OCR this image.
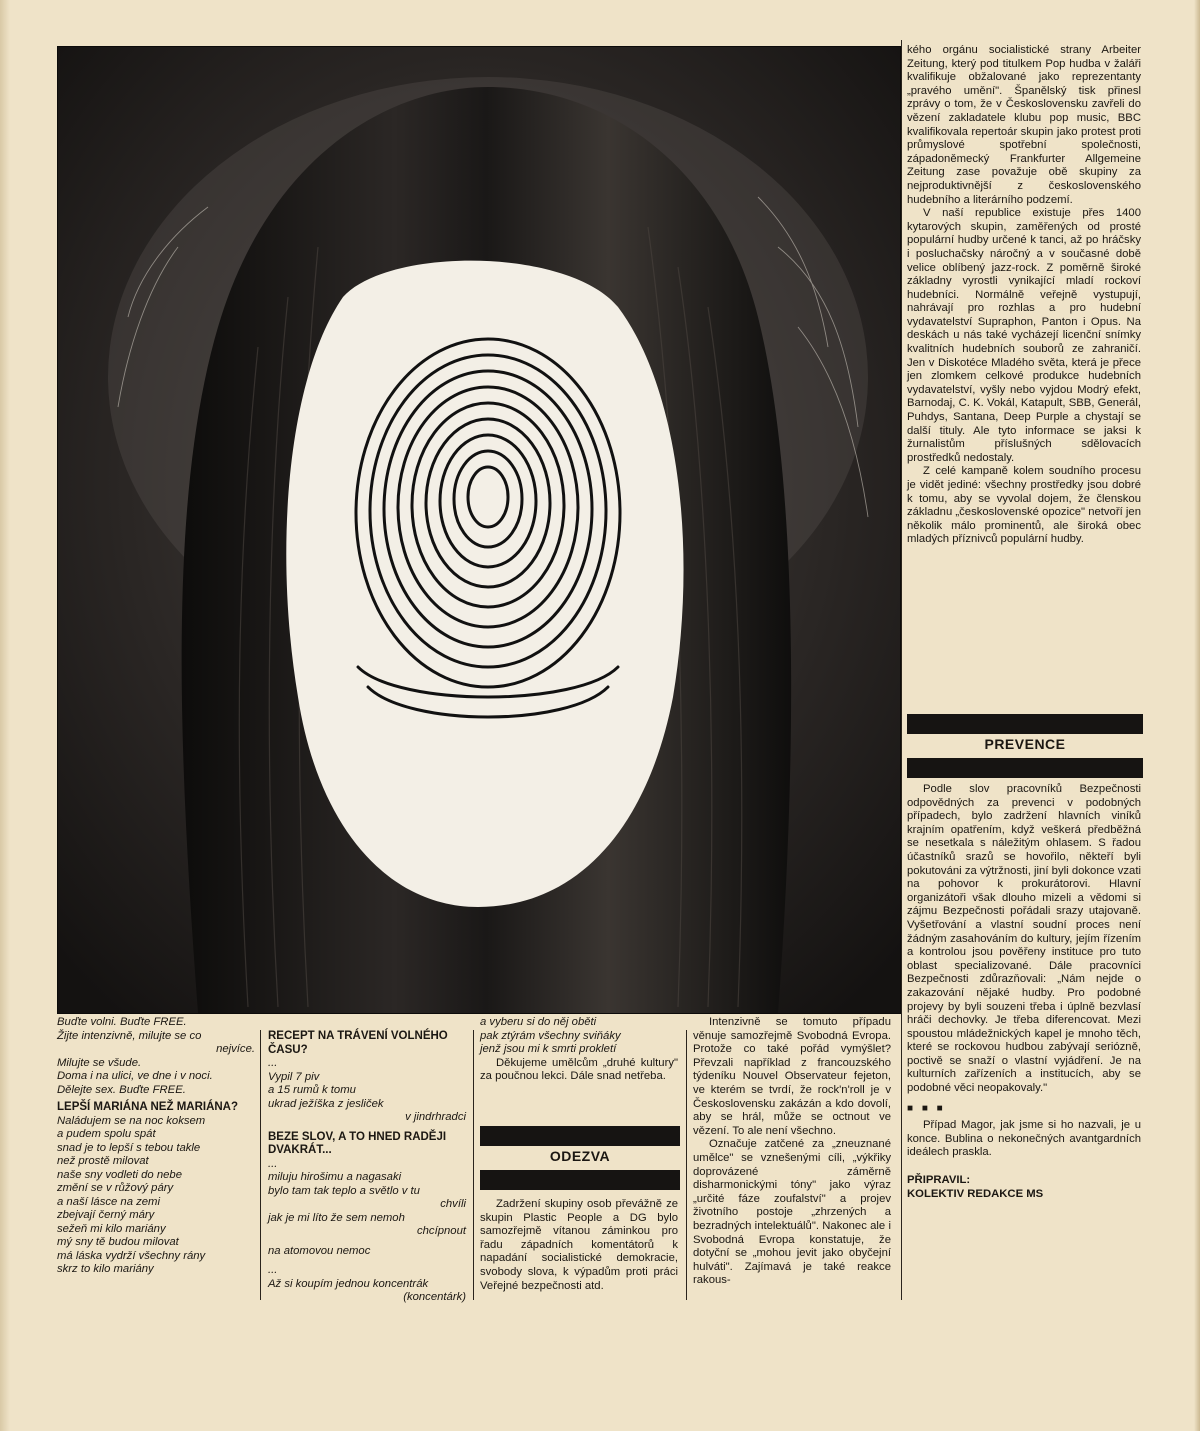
kého orgánu socialistické strany Arbeiter Zeitung, který pod titulkem Pop hudba v žaláři kvalifikuje obžalované jako reprezentanty „pravého umění". Španělský tisk přinesl zprávy o tom, že v Československu zavřeli do vězení zakladatele klubu pop music, BBC kvalifikovala repertoár skupin jako protest proti průmyslové spotřební společnosti, západoněmecký Frankfurter Allgemeine Zeitung zase považuje obě skupiny za nejproduktivnější z československého hudebního a literárního podzemí.

V naší republice existuje přes 1400 kytarových skupin, zaměřených od prosté populární hudby určené k tanci, až po hráčsky i posluchačsky náročný a v současné době velice oblíbený jazz-rock. Z poměrně široké základny vyrostli vynikající mladí rockoví hudebníci. Normálně veřejně vystupují, nahrávají pro rozhlas a pro hudební vydavatelství Supraphon, Panton i Opus. Na deskách u nás také vycházejí licenční snímky kvalitních hudebních souborů ze zahraničí. Jen v Diskotéce Mladého světa, která je přece jen zlomkem celkové produkce hudebních vydavatelství, vyšly nebo vyjdou Modrý efekt, Barnodaj, C. K. Vokál, Katapult, SBB, Generál, Puhdys, Santana, Deep Purple a chystají se další tituly. Ale tyto informace se jaksi k žurnalistům příslušných sdělovacích prostředků nedostaly.

Z celé kampaně kolem soudního procesu je vidět jediné: všechny prostředky jsou dobré k tomu, aby se vyvolal dojem, že členskou základnu „československé opozice" netvoří jen několik málo prominentů, ale široká obec mladých příznivců populární hudby.

PREVENCE

Podle slov pracovníků Bezpečnosti odpovědných za prevenci v podobných případech, bylo zadržení hlavních viníků krajním opatřením, když veškerá předběžná se nesetkala s náležitým ohlasem. S řadou účastníků srazů se hovořilo, někteří byli pokutováni za výtržnosti, jiní byli dokonce vzati na pohovor k prokurátorovi. Hlavní organizátoři však dlouho mizeli a vědomi si zájmu Bezpečnosti pořádali srazy utajovaně. Vyšetřování a vlastní soudní proces není žádným zasahováním do kultury, jejím řízením a kontrolou jsou pověřeny instituce pro tuto oblast specializované. Dále pracovníci Bezpečnosti zdůrazňovali: „Nám nejde o zakazování nějaké hudby. Pro podobné projevy by byli souzeni třeba i úplně bezvlasí hráči dechovky. Je třeba diferencovat. Mezi spoustou mládežnických kapel je mnoho těch, které se rockovou hudbou zabývají seriózně, poctivě se snaží o vlastní vyjádření. Je na kulturních zařízeních a institucích, aby se podobné věci neopakovaly."

■ ■ ■

Případ Magor, jak jsme si ho nazvali, je u konce. Bublina o nekonečných avantgardních ideálech praskla.

PŘIPRAVIL:
KOLEKTIV REDAKCE MS
Buďte volni. Buďte FREE.
Žijte intenzivně, milujte se co
nejvíce.
Milujte se všude.
Doma i na ulici, ve dne i v noci.
Dělejte sex. Buďte FREE.
LEPŠÍ MARIÁNA NEŽ MARIÁNA?
Naládujem se na noc koksem
a pudem spolu spát
snad je to lepší s tebou takle
než prostě milovat
naše sny vodleti do nebe
změní se v růžový páry
a naší lásce na zemi
zbejvají černý máry
sežeň mi kilo mariány
mý sny tě budou milovat
má láska vydrží všechny rány
skrz to kilo mariány
RECEPT NA TRÁVENÍ VOLNÉHO ČASU?
...
Vypil 7 piv
a 15 rumů k tomu
ukrad ježíška z jesliček
v jindrhradci
BEZE SLOV, A TO HNED RADĚJI DVAKRÁT...
...
miluju hirošimu a nagasaki
bylo tam tak teplo a světlo v tu
chvíli
jak je mi líto že sem nemoh
chcípnout
na atomovou nemoc
...
Až si koupím jednou koncentrák
(koncentárk)
a vyberu si do něj oběti
pak ztýrám všechny sviňáky
jenž jsou mi k smrti prokletí

Děkujeme umělcům „druhé kultury" za poučnou lekci. Dále snad netřeba.

ODEZVA

Zadržení skupiny osob převážně ze skupin Plastic People a DG bylo samozřejmě vítanou záminkou pro řadu západních komentátorů k napadání socialistické demokracie, svobody slova, k výpadům proti práci Veřejné bezpečnosti atd.

Intenzivně se tomuto případu věnuje samozřejmě Svobodná Evropa. Protože co také pořád vymýšlet? Převzali například z francouzského týdeníku Nouvel Observateur fejeton, ve kterém se tvrdí, že rock'n'roll je v Československu zakázán a kdo dovolí, aby se hrál, může se octnout ve vězení. To ale není všechno.

Označuje zatčené za „zneuznané umělce" se vznešenými cíli, „výkřiky doprovázené záměrně disharmonickými tóny" jako výraz „určité fáze zoufalství" a projev životního postoje „zhrzených a bezradných intelektuálů". Nakonec ale i Svobodná Evropa konstatuje, že dotyční se „mohou jevit jako obyčejní hulváti". Zajímavá je také reakce rakous-
